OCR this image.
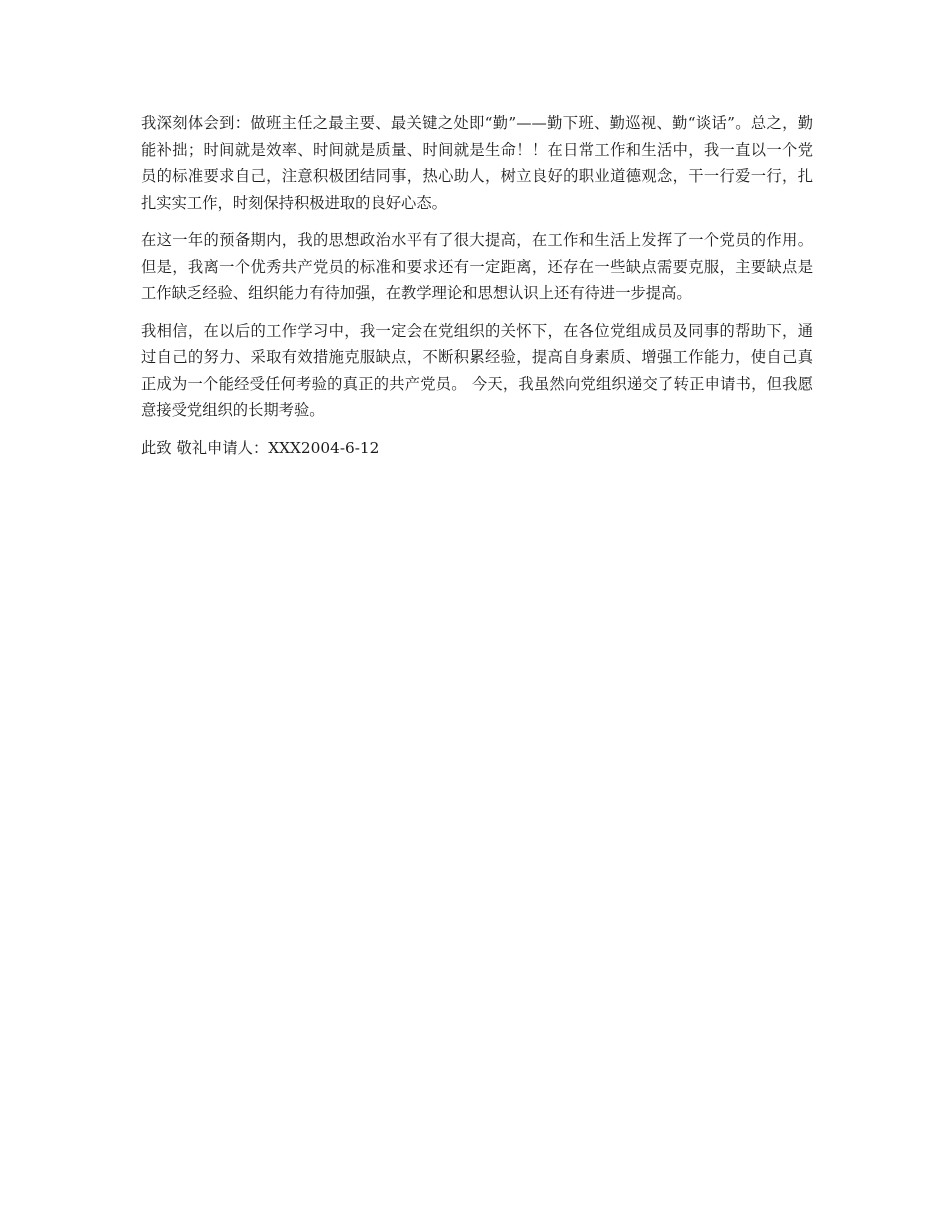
我深刻体会到：做班主任之最主要、最关键之处即“勤”——勤下班、勤巡视、勤“谈话”。总之，勤能补拙；时间就是效率、时间就是质量、时间就是生命！！在日常工作和生活中，我一直以一个党员的标准要求自己，注意积极团结同事，热心助人，树立良好的职业道德观念，干一行爱一行，扎扎实实工作，时刻保持积极进取的良好心态。

在这一年的预备期内，我的思想政治水平有了很大提高，在工作和生活上发挥了一个党员的作用。但是，我离一个优秀共产党员的标准和要求还有一定距离，还存在一些缺点需要克服，主要缺点是工作缺乏经验、组织能力有待加强，在教学理论和思想认识上还有待进一步提高。

我相信，在以后的工作学习中，我一定会在党组织的关怀下，在各位党组成员及同事的帮助下，通过自己的努力、采取有效措施克服缺点，不断积累经验，提高自身素质、增强工作能力，使自己真正成为一个能经受任何考验的真正的共产党员。 今天，我虽然向党组织递交了转正申请书，但我愿意接受党组织的长期考验。

此致 敬礼申请人：XXX2004-6-12
